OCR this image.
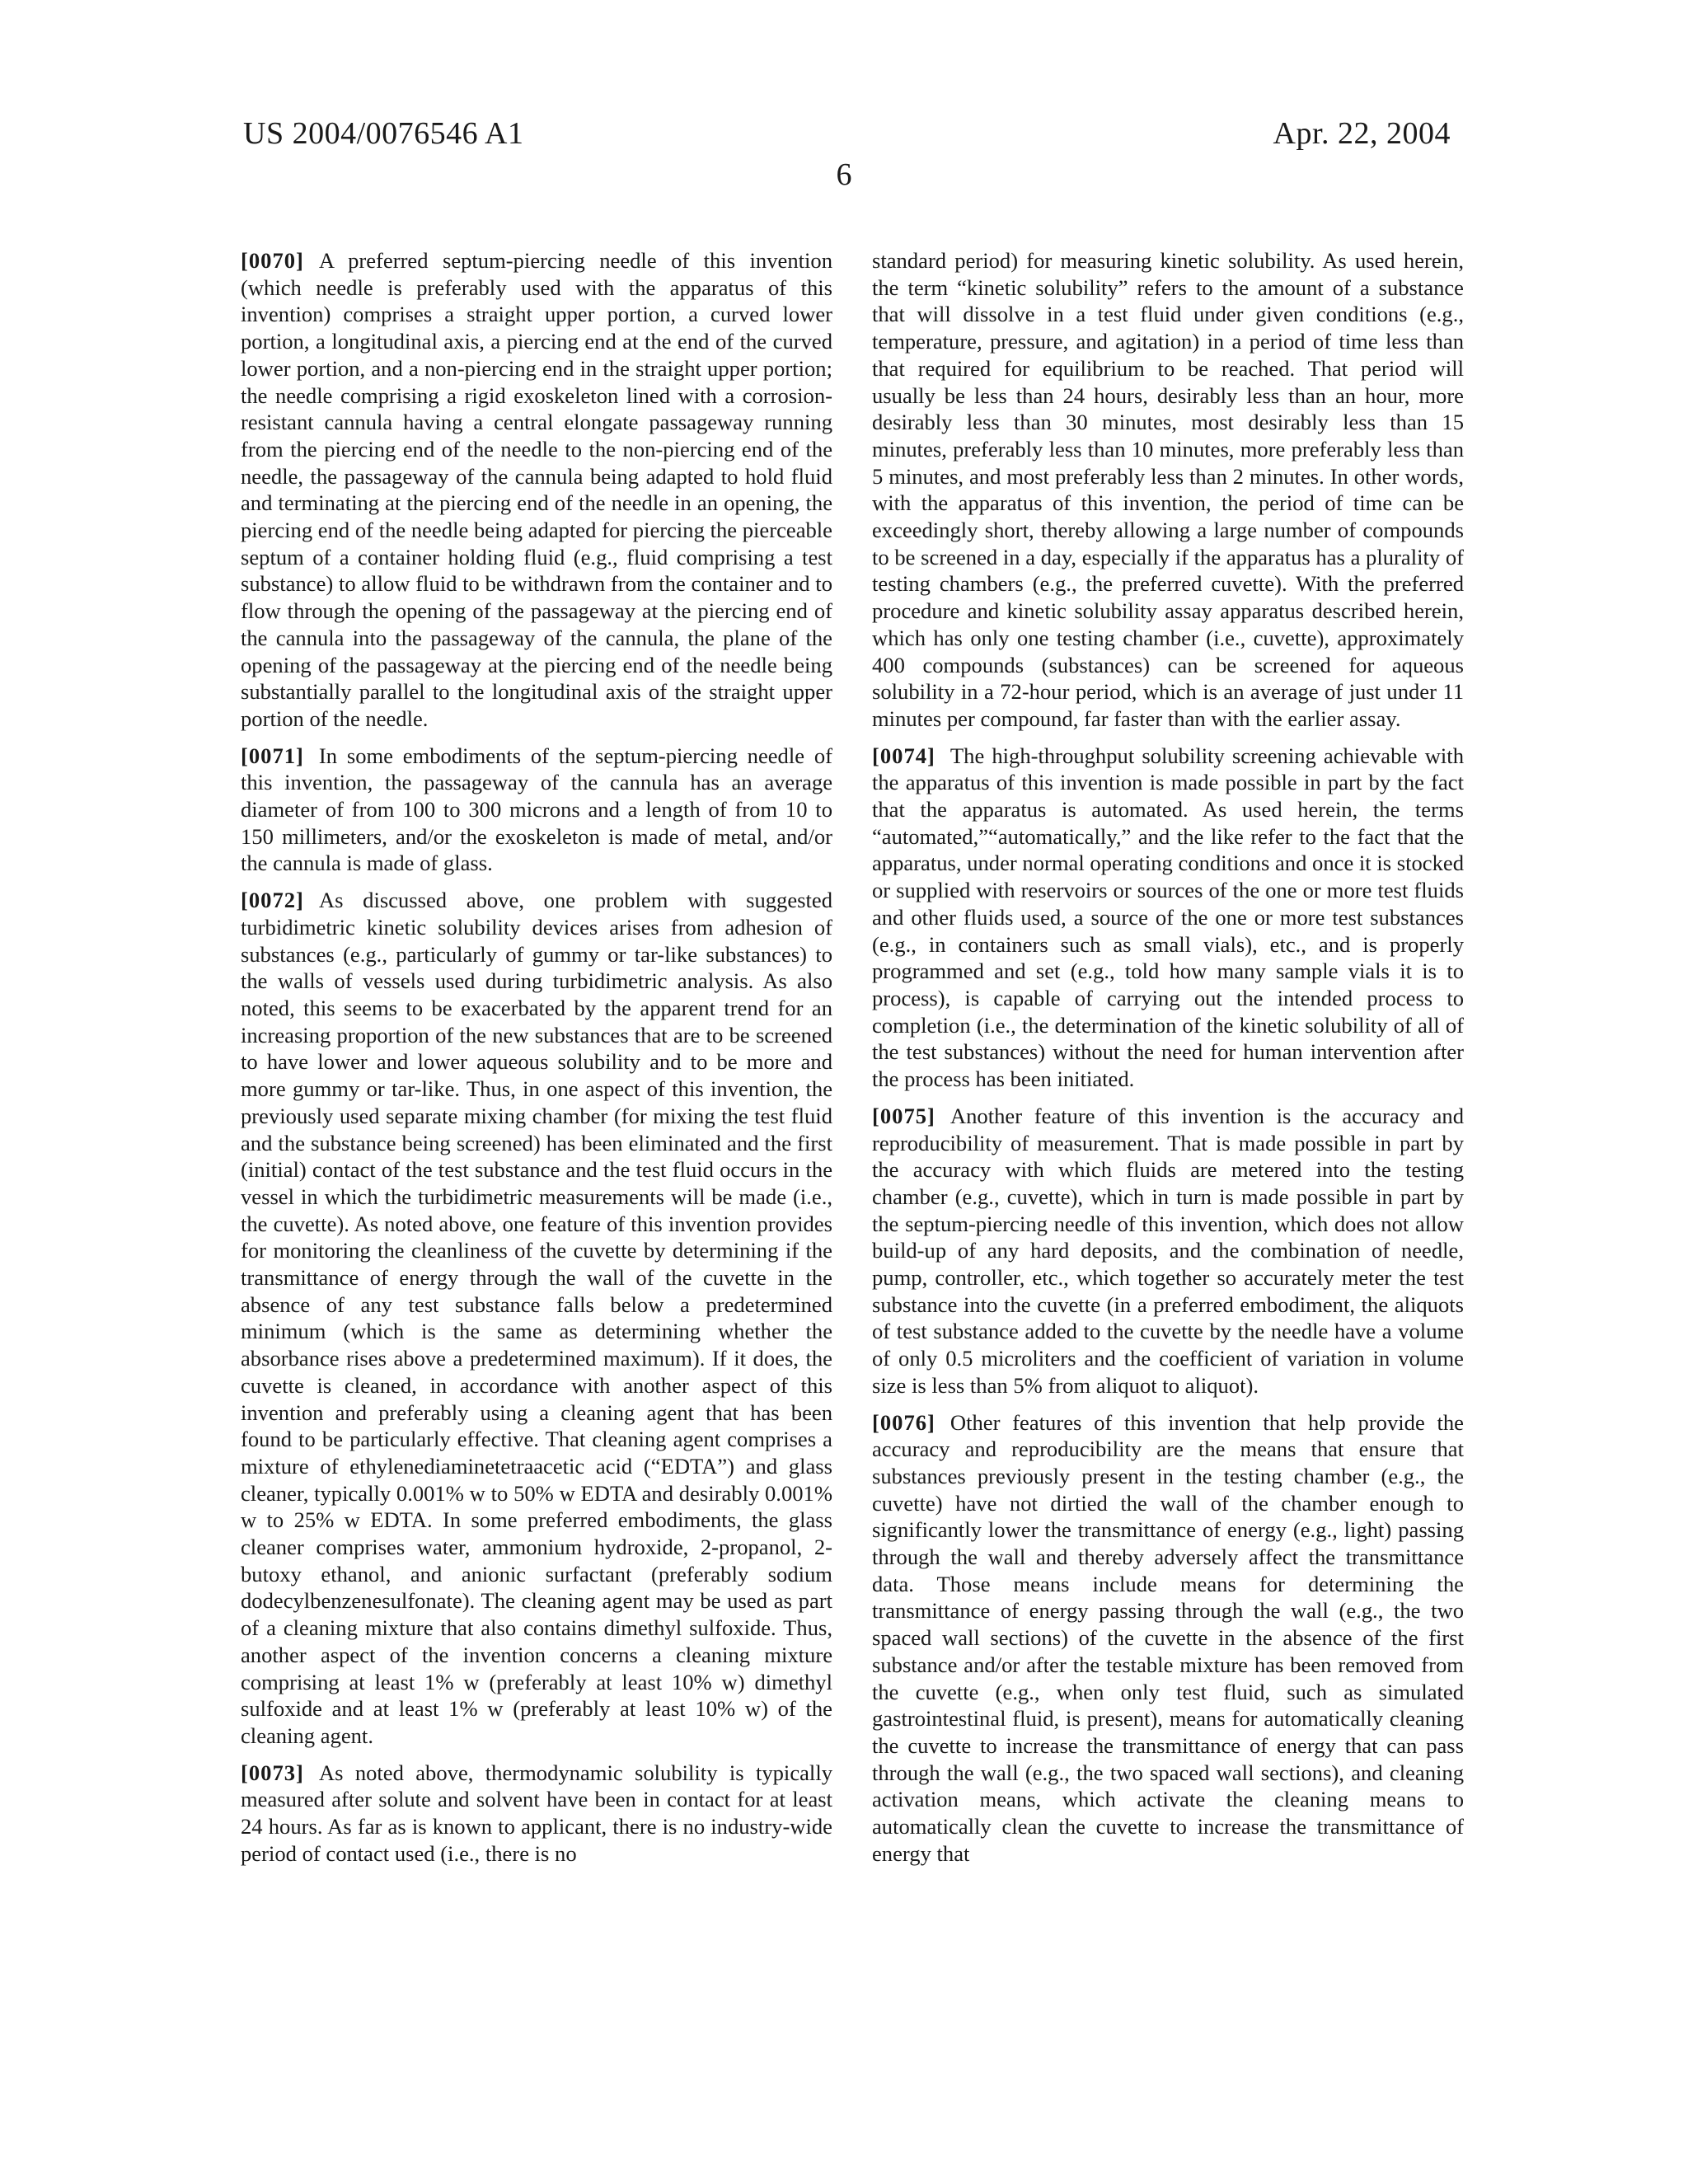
US 2004/0076546 A1	Apr. 22, 2004
6

[0070] A preferred septum-piercing needle of this invention (which needle is preferably used with the apparatus of this invention) comprises a straight upper portion, a curved lower portion, a longitudinal axis, a piercing end at the end of the curved lower portion, and a non-piercing end in the straight upper portion; the needle comprising a rigid exoskeleton lined with a corrosion-resistant cannula having a central elongate passageway running from the piercing end of the needle to the non-piercing end of the needle, the passageway of the cannula being adapted to hold fluid and terminating at the piercing end of the needle in an opening, the piercing end of the needle being adapted for piercing the pierceable septum of a container holding fluid (e.g., fluid comprising a test substance) to allow fluid to be withdrawn from the container and to flow through the opening of the passageway at the piercing end of the cannula into the passageway of the cannula, the plane of the opening of the passageway at the piercing end of the needle being substantially parallel to the longitudinal axis of the straight upper portion of the needle.

[0071] In some embodiments of the septum-piercing needle of this invention, the passageway of the cannula has an average diameter of from 100 to 300 microns and a length of from 10 to 150 millimeters, and/or the exoskeleton is made of metal, and/or the cannula is made of glass.

[0072] As discussed above, one problem with suggested turbidimetric kinetic solubility devices arises from adhesion of substances (e.g., particularly of gummy or tar-like substances) to the walls of vessels used during turbidimetric analysis. As also noted, this seems to be exacerbated by the apparent trend for an increasing proportion of the new substances that are to be screened to have lower and lower aqueous solubility and to be more and more gummy or tar-like. Thus, in one aspect of this invention, the previously used separate mixing chamber (for mixing the test fluid and the substance being screened) has been eliminated and the first (initial) contact of the test substance and the test fluid occurs in the vessel in which the turbidimetric measurements will be made (i.e., the cuvette). As noted above, one feature of this invention provides for monitoring the cleanliness of the cuvette by determining if the transmittance of energy through the wall of the cuvette in the absence of any test substance falls below a predetermined minimum (which is the same as determining whether the absorbance rises above a predetermined maximum). If it does, the cuvette is cleaned, in accordance with another aspect of this invention and preferably using a cleaning agent that has been found to be particularly effective. That cleaning agent comprises a mixture of ethylenediaminetetraacetic acid (“EDTA”) and glass cleaner, typically 0.001% w to 50% w EDTA and desirably 0.001% w to 25% w EDTA. In some preferred embodiments, the glass cleaner comprises water, ammonium hydroxide, 2-propanol, 2-butoxy ethanol, and anionic surfactant (preferably sodium dodecylbenzenesulfonate). The cleaning agent may be used as part of a cleaning mixture that also contains dimethyl sulfoxide. Thus, another aspect of the invention concerns a cleaning mixture comprising at least 1% w (preferably at least 10% w) dimethyl sulfoxide and at least 1% w (preferably at least 10% w) of the cleaning agent.

[0073] As noted above, thermodynamic solubility is typically measured after solute and solvent have been in contact for at least 24 hours. As far as is known to applicant, there is no industry-wide period of contact used (i.e., there is no

standard period) for measuring kinetic solubility. As used herein, the term “kinetic solubility” refers to the amount of a substance that will dissolve in a test fluid under given conditions (e.g., temperature, pressure, and agitation) in a period of time less than that required for equilibrium to be reached. That period will usually be less than 24 hours, desirably less than an hour, more desirably less than 30 minutes, most desirably less than 15 minutes, preferably less than 10 minutes, more preferably less than 5 minutes, and most preferably less than 2 minutes. In other words, with the apparatus of this invention, the period of time can be exceedingly short, thereby allowing a large number of compounds to be screened in a day, especially if the apparatus has a plurality of testing chambers (e.g., the preferred cuvette). With the preferred procedure and kinetic solubility assay apparatus described herein, which has only one testing chamber (i.e., cuvette), approximately 400 compounds (substances) can be screened for aqueous solubility in a 72-hour period, which is an average of just under 11 minutes per compound, far faster than with the earlier assay.

[0074] The high-throughput solubility screening achievable with the apparatus of this invention is made possible in part by the fact that the apparatus is automated. As used herein, the terms “automated,”“automatically,” and the like refer to the fact that the apparatus, under normal operating conditions and once it is stocked or supplied with reservoirs or sources of the one or more test fluids and other fluids used, a source of the one or more test substances (e.g., in containers such as small vials), etc., and is properly programmed and set (e.g., told how many sample vials it is to process), is capable of carrying out the intended process to completion (i.e., the determination of the kinetic solubility of all of the test substances) without the need for human intervention after the process has been initiated.

[0075] Another feature of this invention is the accuracy and reproducibility of measurement. That is made possible in part by the accuracy with which fluids are metered into the testing chamber (e.g., cuvette), which in turn is made possible in part by the septum-piercing needle of this invention, which does not allow build-up of any hard deposits, and the combination of needle, pump, controller, etc., which together so accurately meter the test substance into the cuvette (in a preferred embodiment, the aliquots of test substance added to the cuvette by the needle have a volume of only 0.5 microliters and the coefficient of variation in volume size is less than 5% from aliquot to aliquot).

[0076] Other features of this invention that help provide the accuracy and reproducibility are the means that ensure that substances previously present in the testing chamber (e.g., the cuvette) have not dirtied the wall of the chamber enough to significantly lower the transmittance of energy (e.g., light) passing through the wall and thereby adversely affect the transmittance data. Those means include means for determining the transmittance of energy passing through the wall (e.g., the two spaced wall sections) of the cuvette in the absence of the first substance and/or after the testable mixture has been removed from the cuvette (e.g., when only test fluid, such as simulated gastrointestinal fluid, is present), means for automatically cleaning the cuvette to increase the transmittance of energy that can pass through the wall (e.g., the two spaced wall sections), and cleaning activation means, which activate the cleaning means to automatically clean the cuvette to increase the transmittance of energy that
